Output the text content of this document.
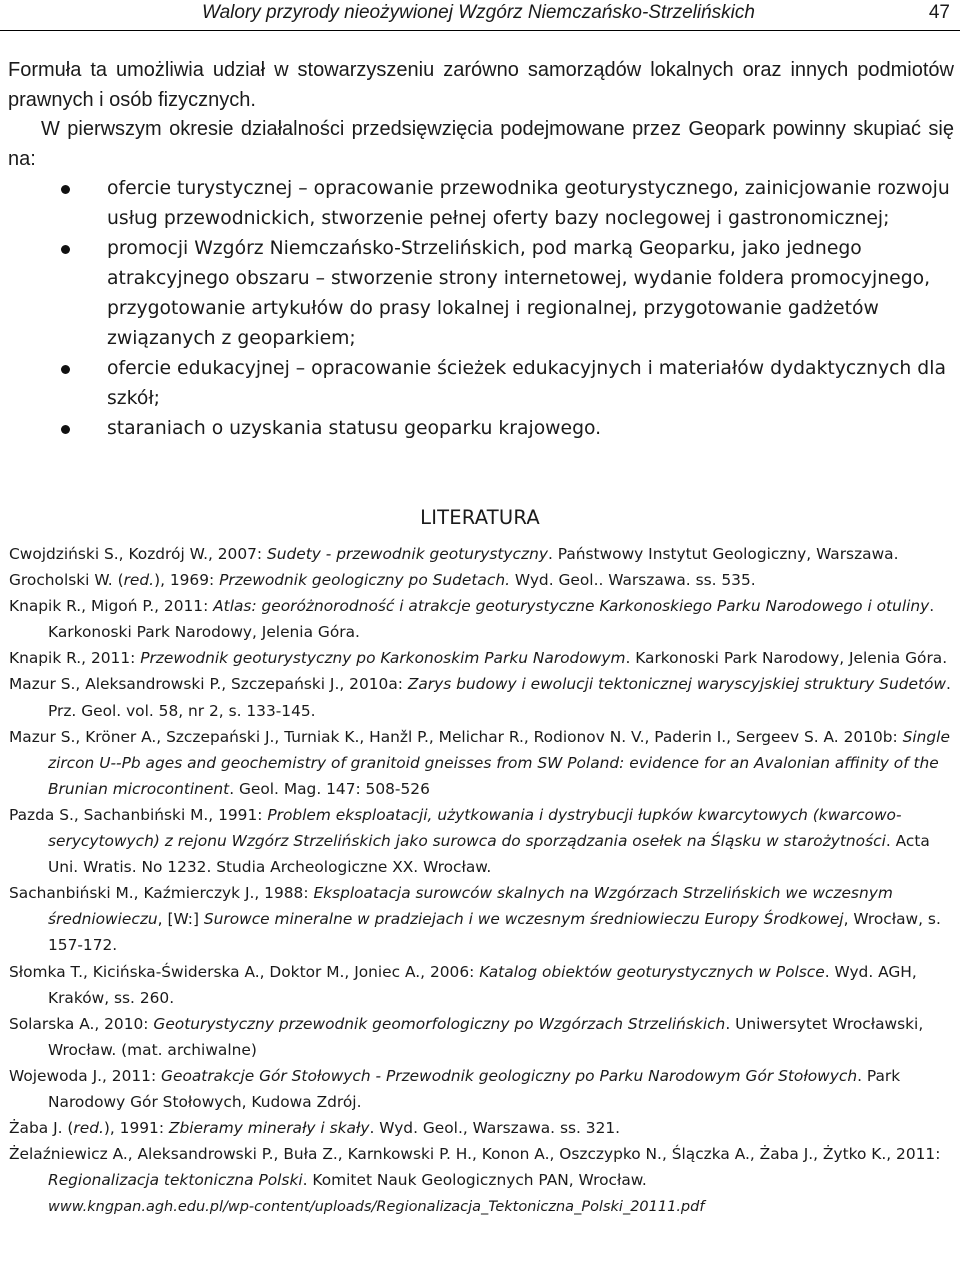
Walory przyrody nieożywionej Wzgórz Niemczańsko-Strzelińskich	47

Formuła ta umożliwia udział w stowarzyszeniu zarówno samorządów lokalnych oraz innych podmiotów prawnych i osób fizycznych.

W pierwszym okresie działalności przedsięwzięcia podejmowane przez Geopark powinny skupiać się na:

ofercie turystycznej – opracowanie przewodnika geoturystycznego, zainicjowanie rozwoju usług przewodnickich, stworzenie pełnej oferty bazy noclegowej i gastronomicznej;
promocji Wzgórz Niemczańsko-Strzelińskich, pod marką Geoparku, jako jednego atrakcyjnego obszaru – stworzenie strony internetowej, wydanie foldera promocyjnego, przygotowanie artykułów do prasy lokalnej i regionalnej, przygotowanie gadżetów związanych z geoparkiem;
ofercie edukacyjnej – opracowanie ścieżek edukacyjnych i materiałów dydaktycznych dla szkół;
staraniach o uzyskania statusu geoparku krajowego.
LITERATURA
Cwojdziński S., Kozdrój W., 2007: Sudety - przewodnik geoturystyczny. Państwowy Instytut Geologiczny, Warszawa.
Grocholski W. (red.), 1969: Przewodnik geologiczny po Sudetach. Wyd. Geol.. Warszawa. ss. 535.
Knapik R., Migoń P., 2011: Atlas: georóżnorodność i atrakcje geoturystyczne Karkonoskiego Parku Narodowego i otuliny. Karkonoski Park Narodowy, Jelenia Góra.
Knapik R., 2011: Przewodnik geoturystyczny po Karkonoskim Parku Narodowym. Karkonoski Park Narodowy, Jelenia Góra.
Mazur S., Aleksandrowski P., Szczepański J., 2010a: Zarys budowy i ewolucji tektonicznej waryscyjskiej struktury Sudetów. Prz. Geol. vol. 58, nr 2, s. 133-145.
Mazur S., Kröner A., Szczepański J., Turniak K., Hanžl P., Melichar R., Rodionov N. V., Paderin I., Sergeev S. A. 2010b: Single zircon U--Pb ages and geochemistry of granitoid gneisses from SW Poland: evidence for an Avalonian affinity of the Brunian microcontinent. Geol. Mag. 147: 508-526
Pazda S., Sachanbiński M., 1991: Problem eksploatacji, użytkowania i dystrybucji łupków kwarcytowych (kwarcowo-serycytowych) z rejonu Wzgórz Strzelińskich jako surowca do sporządzania osełek na Śląsku w starożytności. Acta Uni. Wratis. No 1232. Studia Archeologiczne XX. Wrocław.
Sachanbiński M., Kaźmierczyk J., 1988: Eksploatacja surowców skalnych na Wzgórzach Strzelińskich we wczesnym średniowieczu, [W:] Surowce mineralne w pradziejach i we wczesnym średniowieczu Europy Środkowej, Wrocław, s. 157-172.
Słomka T., Kicińska-Świderska A., Doktor M., Joniec A., 2006: Katalog obiektów geoturystycznych w Polsce. Wyd. AGH, Kraków, ss. 260.
Solarska A., 2010: Geoturystyczny przewodnik geomorfologiczny po Wzgórzach Strzelińskich. Uniwersytet Wrocławski, Wrocław. (mat. archiwalne)
Wojewoda J., 2011: Geoatrakcje Gór Stołowych - Przewodnik geologiczny po Parku Narodowym Gór Stołowych. Park Narodowy Gór Stołowych, Kudowa Zdrój.
Żaba J. (red.), 1991: Zbieramy minerały i skały. Wyd. Geol., Warszawa. ss. 321.
Żelaźniewicz A., Aleksandrowski P., Buła Z., Karnkowski P. H., Konon A., Oszczypko N., Ślączka A., Żaba J., Żytko K., 2011: Regionalizacja tektoniczna Polski. Komitet Nauk Geologicznych PAN, Wrocław.
www.kngpan.agh.edu.pl/wp-content/uploads/Regionalizacja_Tektoniczna_Polski_20111.pdf
